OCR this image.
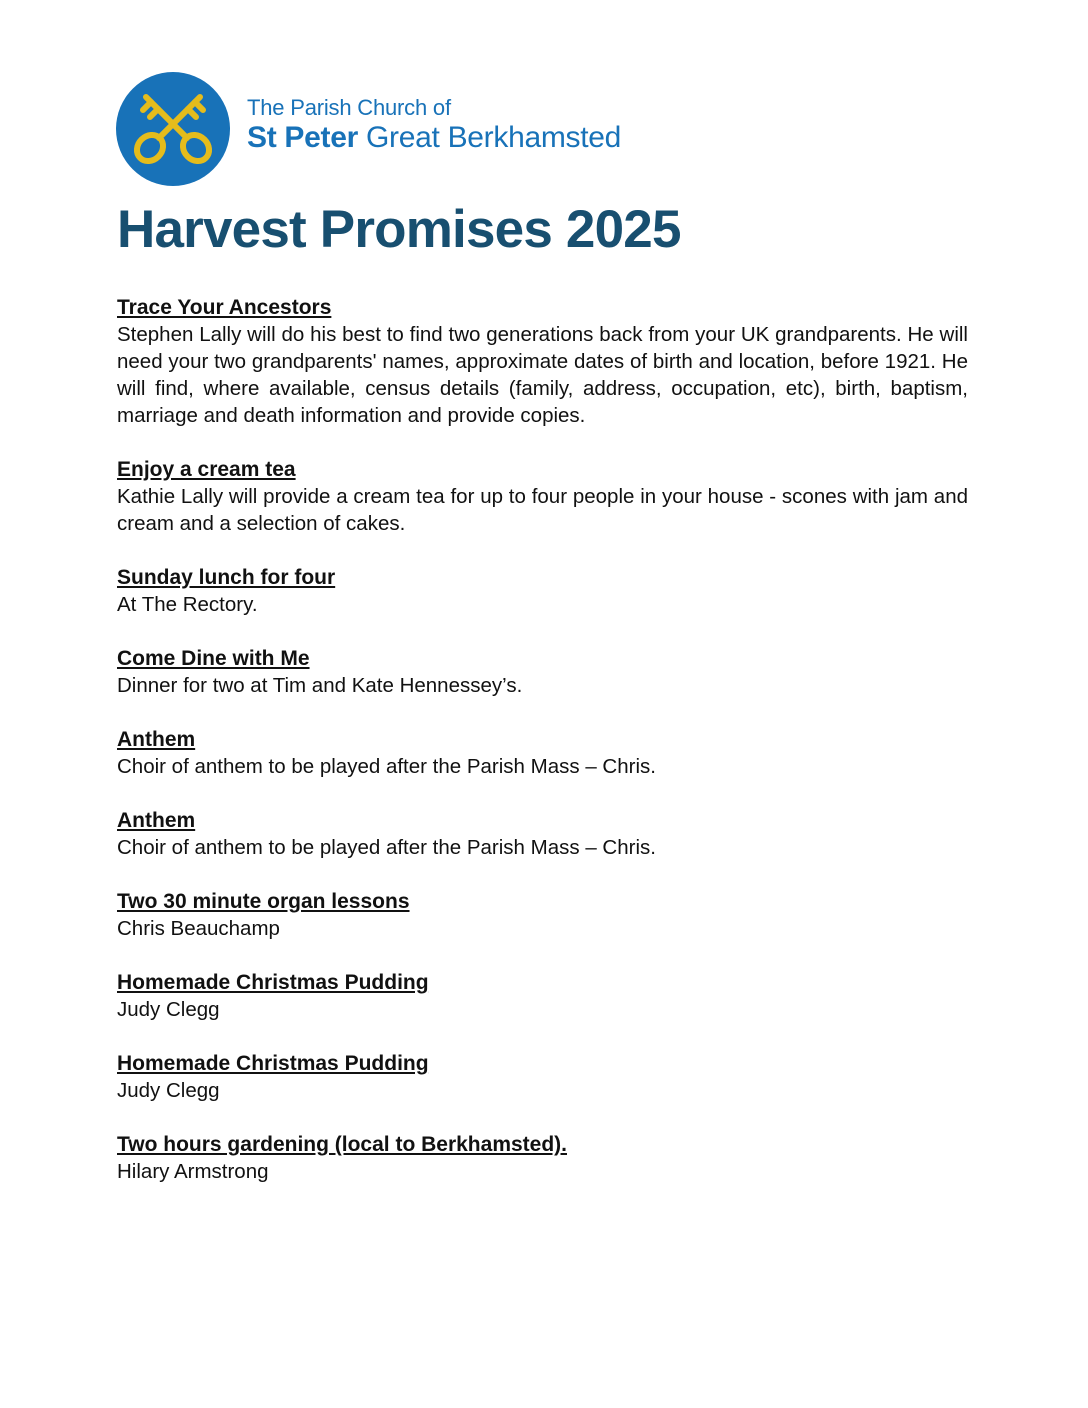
The Parish Church of
St Peter Great Berkhamsted
Harvest Promises 2025
Trace Your Ancestors
Stephen Lally will do his best to find two generations back from your UK grandparents. He will need your two grandparents' names, approximate dates of birth and location, before 1921. He will find, where available, census details (family, address, occupation, etc), birth, baptism, marriage and death information and provide copies.
Enjoy a cream tea
Kathie Lally will provide a cream tea for up to four people in your house - scones with jam and cream and a selection of cakes.
Sunday lunch for four
At The Rectory.
Come Dine with Me
Dinner for two at Tim and Kate Hennessey’s.
Anthem
Choir of anthem to be played after the Parish Mass – Chris.
Anthem
Choir of anthem to be played after the Parish Mass – Chris.
Two 30 minute organ lessons
Chris Beauchamp
Homemade Christmas Pudding
Judy Clegg
Homemade Christmas Pudding
Judy Clegg
Two hours gardening (local to Berkhamsted).
Hilary Armstrong
